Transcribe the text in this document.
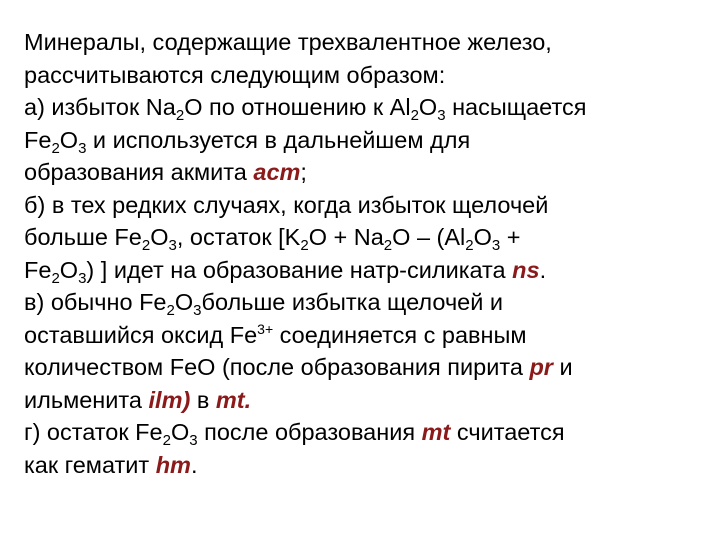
Минералы, содержащие трехвалентное железо,
рассчитываются следующим образом:
а) избыток $Na_2O$ по отношению к $Al_2O_3$ насыщается
$Fe_2O_3$ и используется в дальнейшем для
образования акмита acm;
б) в тех редких случаях, когда избыток щелочей
больше $Fe_2O_3$, остаток [$K_2O + Na_2O - (Al_2O_3$ +
$Fe_2O_3$) ] идет на образование натр-силиката ns.
в) обычно $Fe_2O_3больше$ избытка щелочей и
оставшийся оксид $Fe^{3+}$ соединяется с равным
количеством FeO (после образования пирита pr и
ильменита ilm) в mt.
г) остаток $Fe_2O_3$ после образования mt считается
как гематит hm.
